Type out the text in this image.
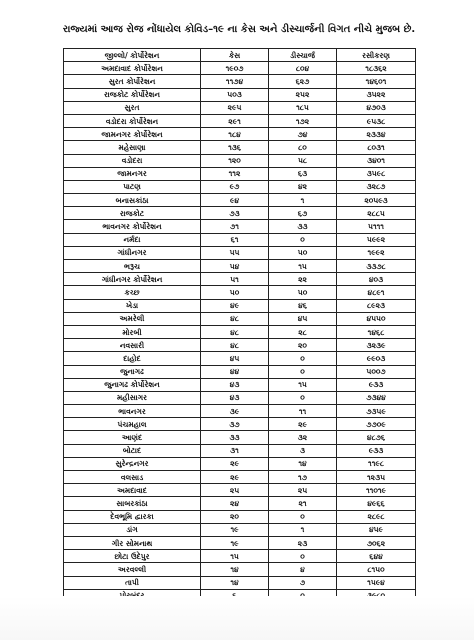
રાજ્યમાં આજ રોજ નોંધાયેલ કોવિડ–૧૯ ના કેસ અને ડીસ્ચાર્જની વિગત નીચે મુજબ છે.
જીલ્લો/ કોર્પોરેશન	કેસ	ડીસ્ચાર્જ	રસીકરણ
અમદાવાદ કોર્પોરેશન	૧૯૦૭	૮૦૪	૧૮૩૬૨
સુરત કોર્પોરેશન	૧૧૭૪	૬૨૭	૧૪૬૦૧
રાજકોટ કોર્પોરેશન	૫૦૩	૨૫૨	૩૫૨૨
સુરત	૨૯૫	૧૮૫	૪૭૦૩
વડોદરા કોર્પોરેશન	૨૯૧	૧૭૨	૯૫૩૮
જામનગર કોર્પોરેશન	૧૮૪	૭૪	૨૩૩૪
મહેસાણા	૧૩૬	૮૦	૮૦૩૧
વડોદરા	૧૨૦	૫૮	૩૪૦૧
જામનગર	૧૧૨	૬૩	૩૫૯૮
પાટણ	૯૭	૪૨	૩૨૮૭
બનાસકાંઠા	૯૪	૧	૨૦૫૯૩
રાજકોટ	૭૩	૬૭	૨૮૮૫
ભાવનગર કોર્પોરેશન	૭૧	૩૩	૫૧૧૧
નર્મદા	૬૧	૦	૫૯૯૨
ગાંધીનગર	૫૫	૫૦	૧૯૯૨
ભરૂચ	૫૪	૧૫	૩૩૭૮
ગાંધીનગર કોર્પોરેશન	૫૧	૨૨	૪૦૩
કચ્છ	૫૦	૫૦	૪૮૯૧
ખેડા	૪૯	૪૬	૮૯૨૩
અમરેલી	૪૮	૪૫	૪૫૫૦
મોરબી	૪૮	૨૮	૧૪૬૮
નવસારી	૪૮	૨૦	૩૨૩૯
દાહોદ	૪૫	૦	૯૯૦૩
જુનાગઢ	૪૪	૦	૫૦૦૭
જુનાગઢ કોર્પોરેશન	૪૩	૧૫	૯૩૩
મહીસાગર	૪૩	૦	૭૩૪૪
ભાવનગર	૩૯	૧૧	૭૩૫૯
પંચમહાલ	૩૭	૨૯	૭૭૦૯
આણંદ	૩૩	૩૨	૪૮૭૬
બોટાદ	૩૧	૩	૯૩૩
સુરેન્દ્રનગર	૨૯	૧૪	૧૧૯૮
વલસાડ	૨૯	૧૭	૧૨૩૫
અમદાવાદ	૨૫	૨૫	૧૧૦૧૯
સાબરકાંઠા	૨૪	૨૧	૪૯૬૬
દેવભૂમિ દ્વારકા	૨૦	૦	૨૮૯૮
ડાંગ	૧૯	૧	૪૫૯
ગીર સોમનાથ	૧૯	૨૩	૭૦૬૨
છોટા ઉદેપુર	૧૫	૦	૬૪૪
અરવલ્લી	૧૪	૪	૮૧૫૦
તાપી	૧૪	૭	૧૫૯૪
